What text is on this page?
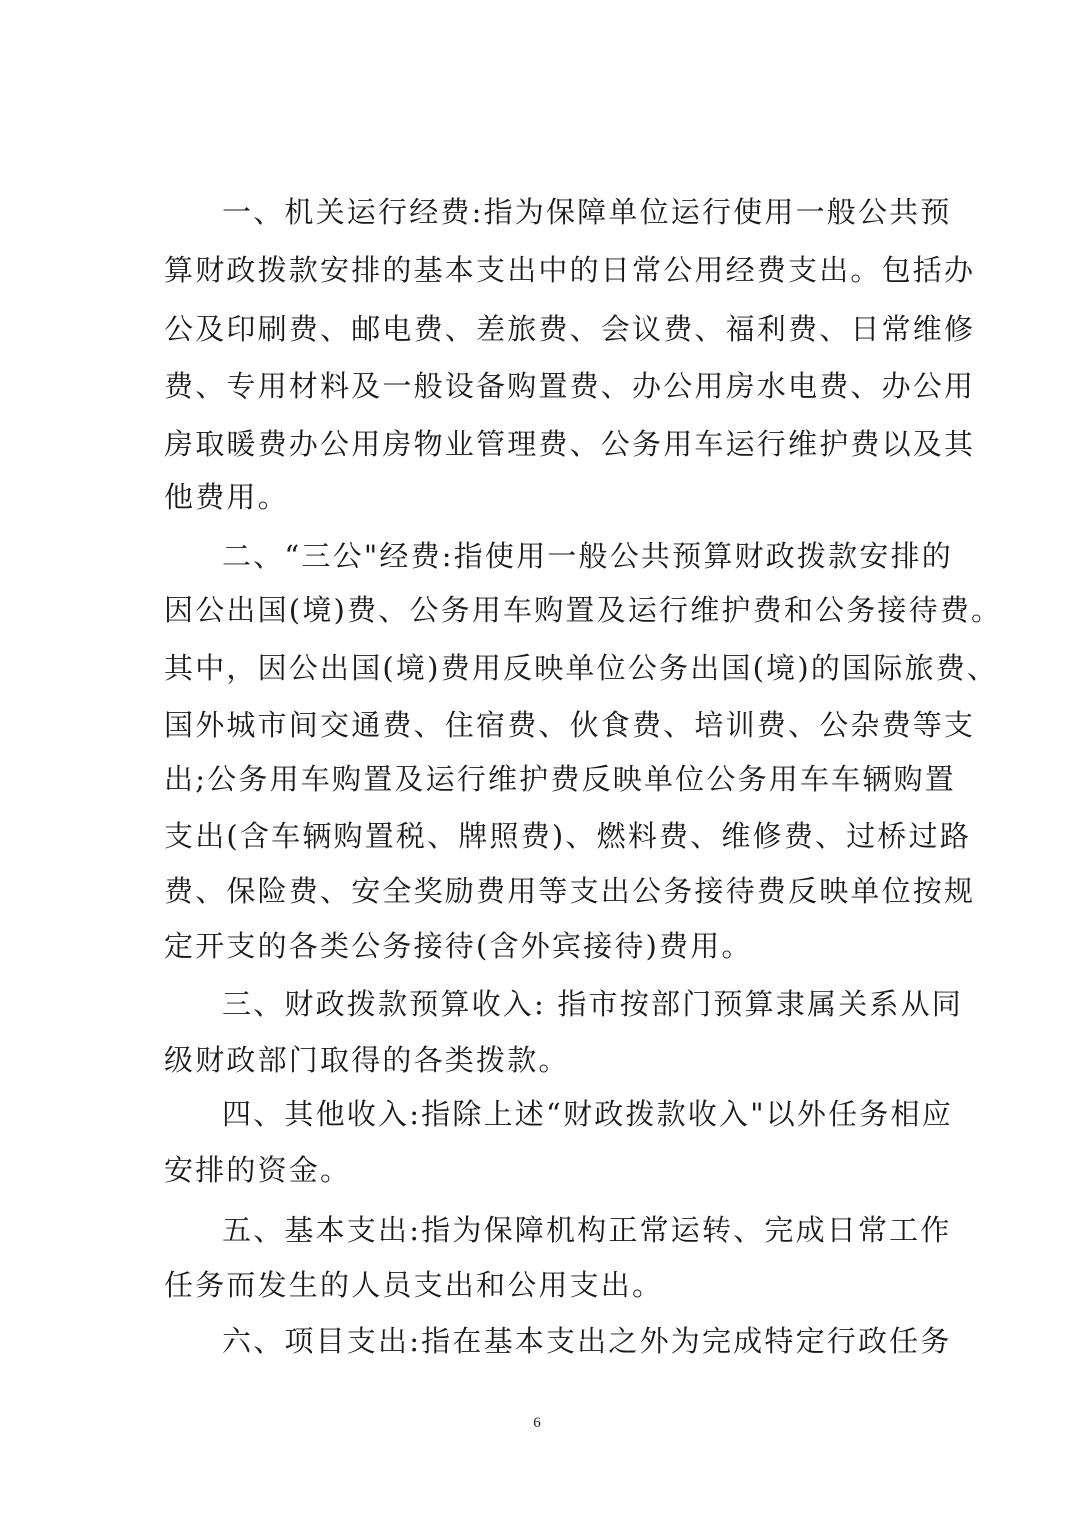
一、机关运行经费:指为保障单位运行使用一般公共预
算财政拨款安排的基本支出中的日常公用经费支出。包括办
公及印刷费、邮电费、差旅费、会议费、福利费、日常维修
费、专用材料及一般设备购置费、办公用房水电费、办公用
房取暖费办公用房物业管理费、公务用车运行维护费以及其
他费用。
二、“三公"经费:指使用一般公共预算财政拨款安排的
因公出国(境)费、公务用车购置及运行维护费和公务接待费。
其中，因公出国(境)费用反映单位公务出国(境)的国际旅费、
国外城市间交通费、住宿费、伙食费、培训费、公杂费等支
出;公务用车购置及运行维护费反映单位公务用车车辆购置
支出(含车辆购置税、牌照费)、燃料费、维修费、过桥过路
费、保险费、安全奖励费用等支出公务接待费反映单位按规
定开支的各类公务接待(含外宾接待)费用。
三、财政拨款预算收入: 指市按部门预算隶属关系从同
级财政部门取得的各类拨款。
四、其他收入:指除上述“财政拨款收入"以外任务相应
安排的资金。
五、基本支出:指为保障机构正常运转、完成日常工作
任务而发生的人员支出和公用支出。
六、项目支出:指在基本支出之外为完成特定行政任务
6
